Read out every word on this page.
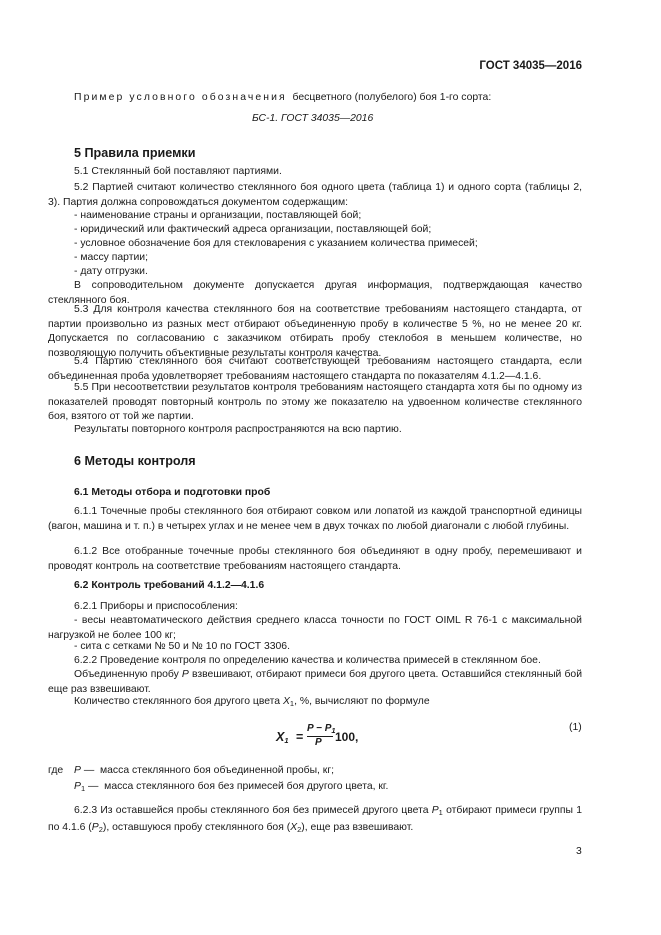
ГОСТ 34035—2016

Пример условного обозначения бесцветного (полубелого) боя 1-го сорта:

БС-1. ГОСТ 34035—2016

5 Правила приемки

5.1 Стеклянный бой поставляют партиями.

5.2 Партией считают количество стеклянного боя одного цвета (таблица 1) и одного сорта (таблицы 2, 3). Партия должна сопровождаться документом содержащим:

- наименование страны и организации, поставляющей бой;

- юридический или фактический адреса организации, поставляющей бой;

- условное обозначение боя для стекловарения с указанием количества примесей;

- массу партии;

- дату отгрузки.

В сопроводительном документе допускается другая информация, подтверждающая качество стеклянного боя.

5.3 Для контроля качества стеклянного боя на соответствие требованиям настоящего стандарта, от партии произвольно из разных мест отбирают объединенную пробу в количестве 5 %, но не менее 20 кг. Допускается по согласованию с заказчиком отбирать пробу стеклобоя в меньшем количестве, но позволяющую получить объективные результаты контроля качества.

5.4 Партию стеклянного боя считают соответствующей требованиям настоящего стандарта, если объединенная проба удовлетворяет требованиям настоящего стандарта по показателям 4.1.2—4.1.6.

5.5 При несоответствии результатов контроля требованиям настоящего стандарта хотя бы по одному из показателей проводят повторный контроль по этому же показателю на удвоенном количестве стеклянного боя, взятого от той же партии.

Результаты повторного контроля распространяются на всю партию.

6 Методы контроля

6.1 Методы отбора и подготовки проб

6.1.1 Точечные пробы стеклянного боя отбирают совком или лопатой из каждой транспортной единицы (вагон, машина и т. п.) в четырех углах и не менее чем в двух точках по любой диагонали с любой глубины.

6.1.2 Все отобранные точечные пробы стеклянного боя объединяют в одну пробу, перемешивают и проводят контроль на соответствие требованиям настоящего стандарта.

6.2 Контроль требований 4.1.2—4.1.6

6.2.1 Приборы и приспособления:

- весы неавтоматического действия среднего класса точности по ГОСТ OIML R 76-1 с максимальной нагрузкой не более 100 кг;

- сита с сетками № 50 и № 10 по ГОСТ 3306.

6.2.2 Проведение контроля по определению качества и количества примесей в стеклянном бое.

Объединенную пробу P взвешивают, отбирают примеси боя другого цвета. Оставшийся стеклянный бой еще раз взвешивают.

Количество стеклянного боя другого цвета $X_1$, %, вычисляют по формуле

$X_1$ =
$P - P_1$
P 100,
(1)
где P — масса стеклянного боя объединенной пробы, кг;

$P_1$ — масса стеклянного боя без примесей боя другого цвета, кг.

6.2.3 Из оставшейся пробы стеклянного боя без примесей другого цвета $P_1$ отбирают примеси группы 1 по 4.1.6 $(P_2)$, оставшуюся пробу стеклянного боя $(X_2)$, еще раз взвешивают.

3
